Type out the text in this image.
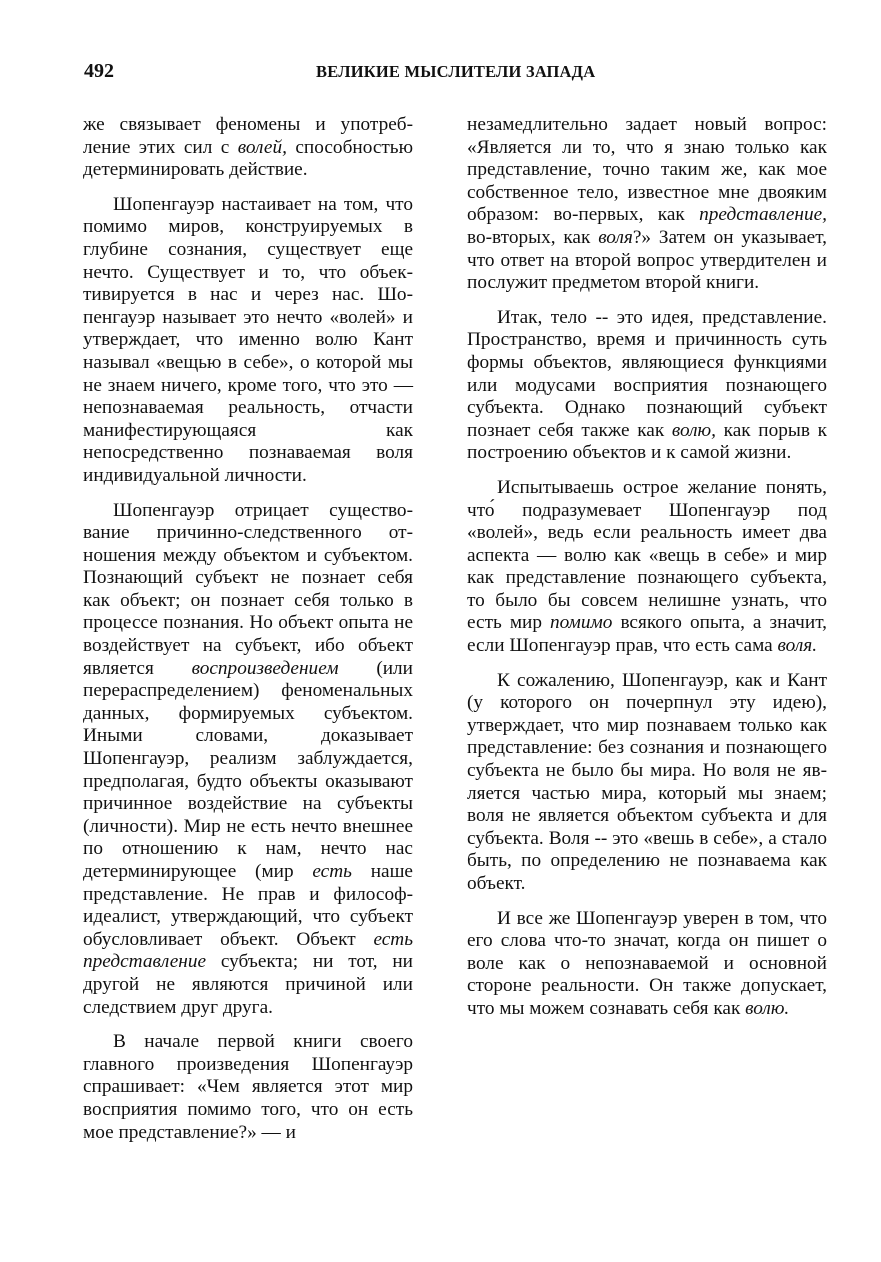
492	ВЕЛИКИЕ МЫСЛИТЕЛИ ЗАПАДА

же связывает феномены и употребление этих сил с волей, способностью детерминировать действие.

Шопенгауэр настаивает на том, что помимо миров, конструируемых в глубине сознания, существует еще нечто. Существует и то, что объективируется в нас и через нас. Шопенгауэр называет это нечто «волей» и утверждает, что именно волю Кант называл «вещью в себе», о которой мы не знаем ничего, кроме того, что это — непознаваемая реальность, отчасти манифестирующаяся как непосредственно познаваемая воля индивидуальной личности.

Шопенгауэр отрицает существование причинно-следственного отношения между объектом и субъектом. Познающий субъект не познает себя как объект; он познает себя только в процессе познания. Но объект опыта не воздействует на субъект, ибо объект является воспроизведением (или перераспределением) феноменальных данных, формируемых субъектом. Иными словами, доказывает Шопенгауэр, реализм заблуждается, предполагая, будто объекты оказывают причинное воздействие на субъекты (личности). Мир не есть нечто внешнее по отношению к нам, нечто нас детерминирующее (мир есть наше представление. Не прав и философ-идеалист, утверждающий, что субъект обусловливает объект. Объект есть представление субъекта; ни тот, ни другой не являются причиной или следствием друг друга.

В начале первой книги своего главного произведения Шопенгауэр спрашивает: «Чем является этот мир восприятия помимо того, что он есть мое представление?» — и

незамедлительно задает новый вопрос: «Является ли то, что я знаю только как представление, точно таким же, как мое собственное тело, известное мне двояким образом: во-первых, как представление, во-вторых, как воля?» Затем он указывает, что ответ на второй вопрос утвердителен и послужит предметом второй книги.

Итак, тело -- это идея, представление. Пространство, время и причинность суть формы объектов, являющиеся функциями или модусами восприятия познающего субъекта. Однако познающий субъект познает себя также как волю, как порыв к построению объектов и к самой жизни.

Испытываешь острое желание понять, что́ подразумевает Шопенгауэр под «волей», ведь если реальность имеет два аспекта — волю как «вещь в себе» и мир как представление познающего субъекта, то было бы совсем нелишне узнать, что есть мир помимо всякого опыта, а значит, если Шопенгауэр прав, что есть сама воля.

К сожалению, Шопенгауэр, как и Кант (у которого он почерпнул эту идею), утверждает, что мир познаваем только как представление: без сознания и познающего субъекта не было бы мира. Но воля не является частью мира, который мы знаем; воля не является объектом субъекта и для субъекта. Воля -- это «вешь в себе», а стало быть, по определению не познаваема как объект.

И все же Шопенгауэр уверен в том, что его слова что-то значат, когда он пишет о воле как о непознаваемой и основной стороне реальности. Он также допускает, что мы можем сознавать себя как волю.
